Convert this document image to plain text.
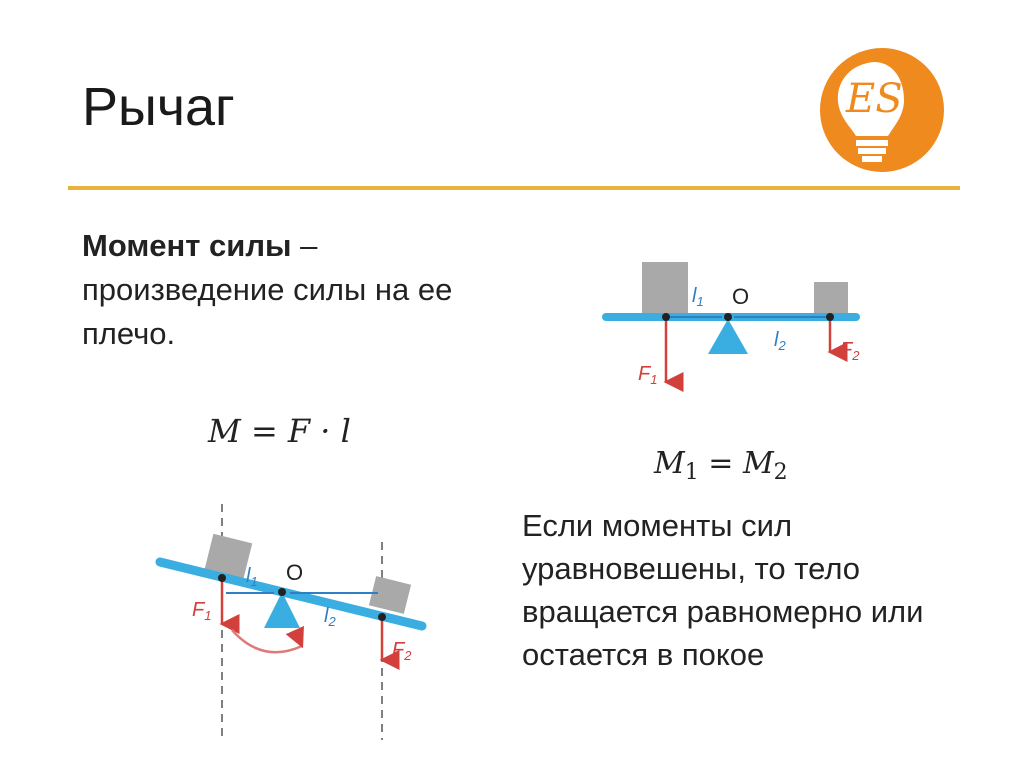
Рычаг	ES
Момент силы –
произведение силы на ее плечо.
M = F · l
$M_1 = M_2$
Если моменты сил уравновешены, то тело вращается равномерно или остается в покое
$l_1$ O
$l_2$
$F_1$
$F_2$
$l_1$ O
$l_2$
$F_1$
$F_2$
